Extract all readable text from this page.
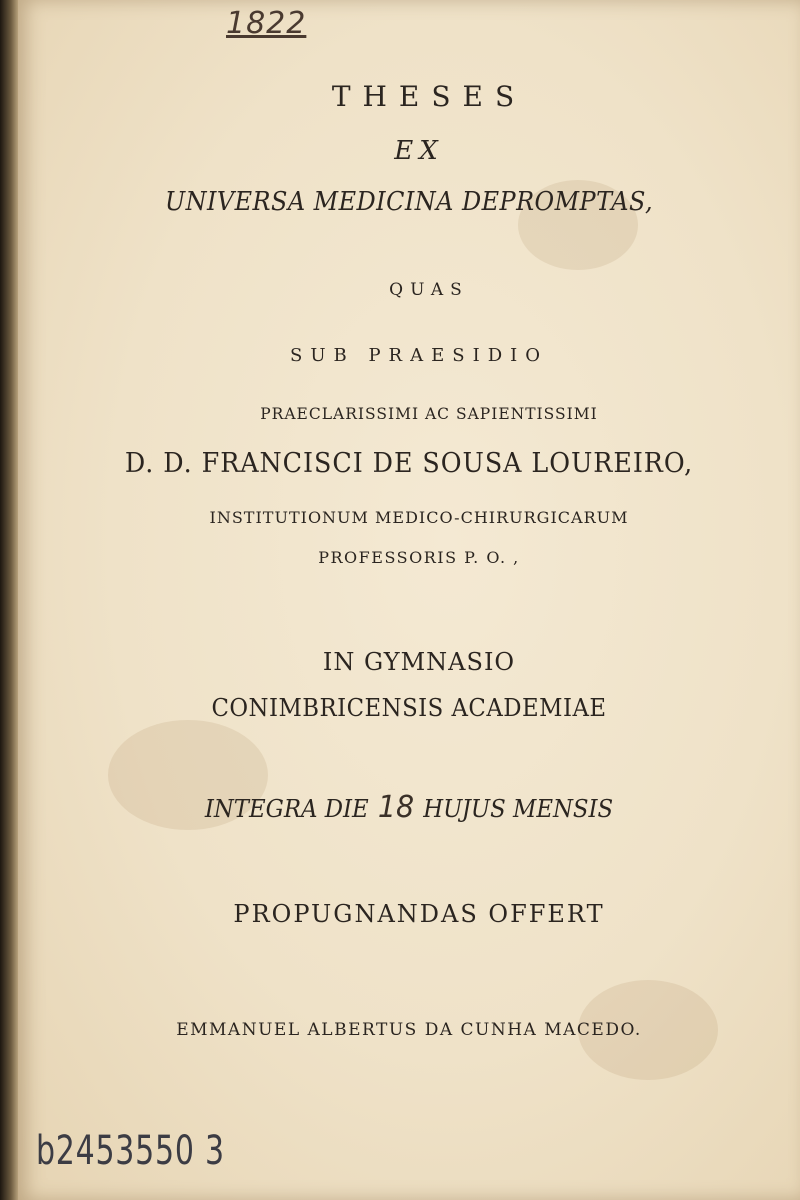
1822
THESES
EX
UNIVERSA MEDICINA DEPROMPTAS,
QUAS
SUB PRAESIDIO
PRAECLARISSIMI AC SAPIENTISSIMI
D. D. FRANCISCI DE SOUSA LOUREIRO,
INSTITUTIONUM MEDICO-CHIRURGICARUM
PROFESSORIS P. O. ,
IN GYMNASIO
CONIMBRICENSIS ACADEMIAE
INTEGRA DIE 18 HUJUS MENSIS
PROPUGNANDAS OFFERT
EMMANUEL ALBERTUS DA CUNHA MACEDO.
b2453550 3
